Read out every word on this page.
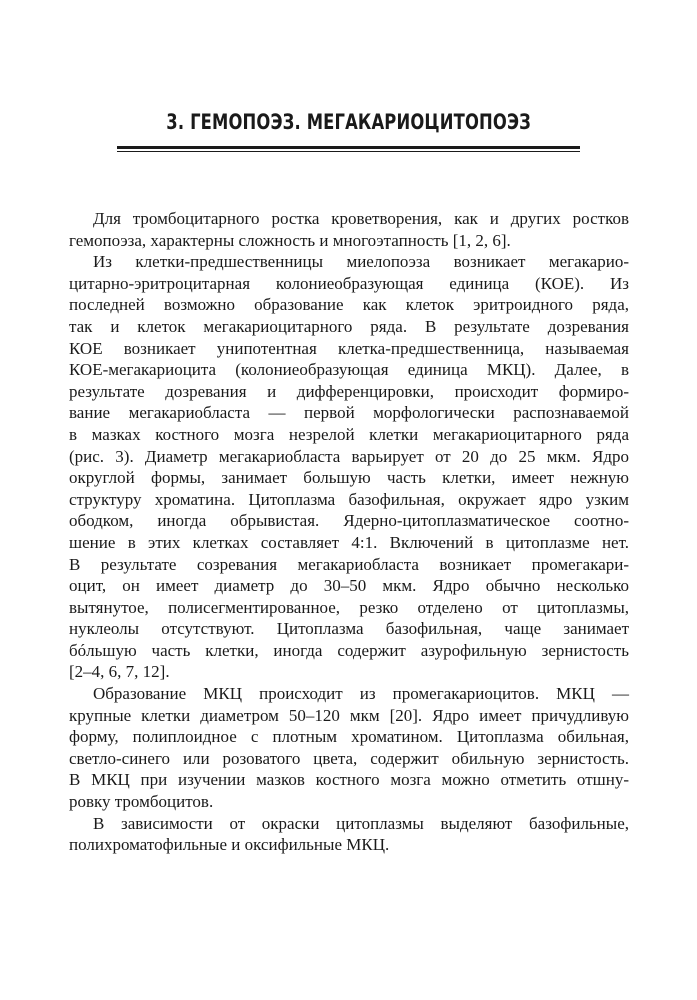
3. ГЕМОПОЭЗ. МЕГАКАРИОЦИТОПОЭЗ

Для тромбоцитарного ростка кроветворения, как и других ростков
гемопоэза, характерны сложность и многоэтапность [1, 2, 6].

Из клетки-предшественницы миелопоэза возникает мегакарио-
цитарно-эритроцитарная колониеобразующая единица (КОЕ). Из
последней возможно образование как клеток эритроидного ряда,
так и клеток мегакариоцитарного ряда. В результате дозревания
КОЕ возникает унипотентная клетка-предшественница, называемая
КОЕ-мегакариоцита (колониеобразующая единица МКЦ). Далее, в
результате дозревания и дифференцировки, происходит формиро-
вание мегакариобласта — первой морфологически распознаваемой
в мазках костного мозга незрелой клетки мегакариоцитарного ряда
(рис. 3). Диаметр мегакариобласта варьирует от 20 до 25 мкм. Ядро
округлой формы, занимает большую часть клетки, имеет нежную
структуру хроматина. Цитоплазма базофильная, окружает ядро узким
ободком, иногда обрывистая. Ядерно-цитоплазматическое соотно-
шение в этих клетках составляет 4:1. Включений в цитоплазме нет.
В результате созревания мегакариобласта возникает промегакари-
оцит, он имеет диаметр до 30–50 мкм. Ядро обычно несколько
вытянутое, полисегментированное, резко отделено от цитоплазмы,
нуклеолы отсутствуют. Цитоплазма базофильная, чаще занимает
бóльшую часть клетки, иногда содержит азурофильную зернистость
[2–4, 6, 7, 12].

Образование МКЦ происходит из промегакариоцитов. МКЦ —
крупные клетки диаметром 50–120 мкм [20]. Ядро имеет причудливую
форму, полиплоидное с плотным хроматином. Цитоплазма обильная,
светло-синего или розоватого цвета, содержит обильную зернистость.
В МКЦ при изучении мазков костного мозга можно отметить отшну-
ровку тромбоцитов.

В зависимости от окраски цитоплазмы выделяют базофильные,
полихроматофильные и оксифильные МКЦ.
